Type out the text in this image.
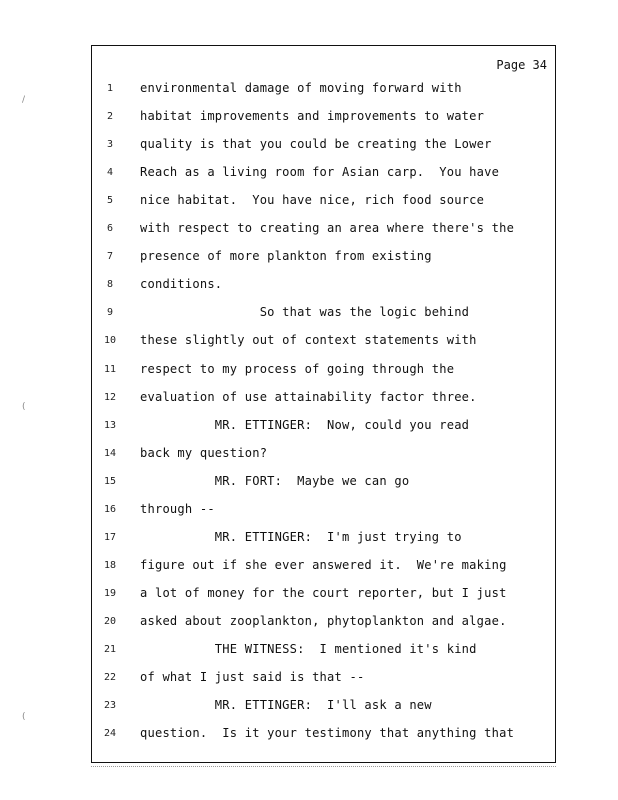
Page 34
1	environmental damage of moving forward with
2	habitat improvements and improvements to water
3	quality is that you could be creating the Lower
4	Reach as a living room for Asian carp.  You have
5	nice habitat.  You have nice, rich food source
6	with respect to creating an area where there's the
7	presence of more plankton from existing
8	conditions.
9	So that was the logic behind
10 these slightly out of context statements with
11 respect to my process of going through the
12 evaluation of use attainability factor three.
13 MR. ETTINGER:  Now, could you read
14 back my question?
15 MR. FORT:  Maybe we can go
16 through --
17 MR. ETTINGER:  I'm just trying to
18 figure out if she ever answered it.  We're making
19 a lot of money for the court reporter, but I just
20 asked about zooplankton, phytoplankton and algae.
21 THE WITNESS:  I mentioned it's kind
22 of what I just said is that --
23 MR. ETTINGER:  I'll ask a new
24 question.  Is it your testimony that anything that
/
(
(
